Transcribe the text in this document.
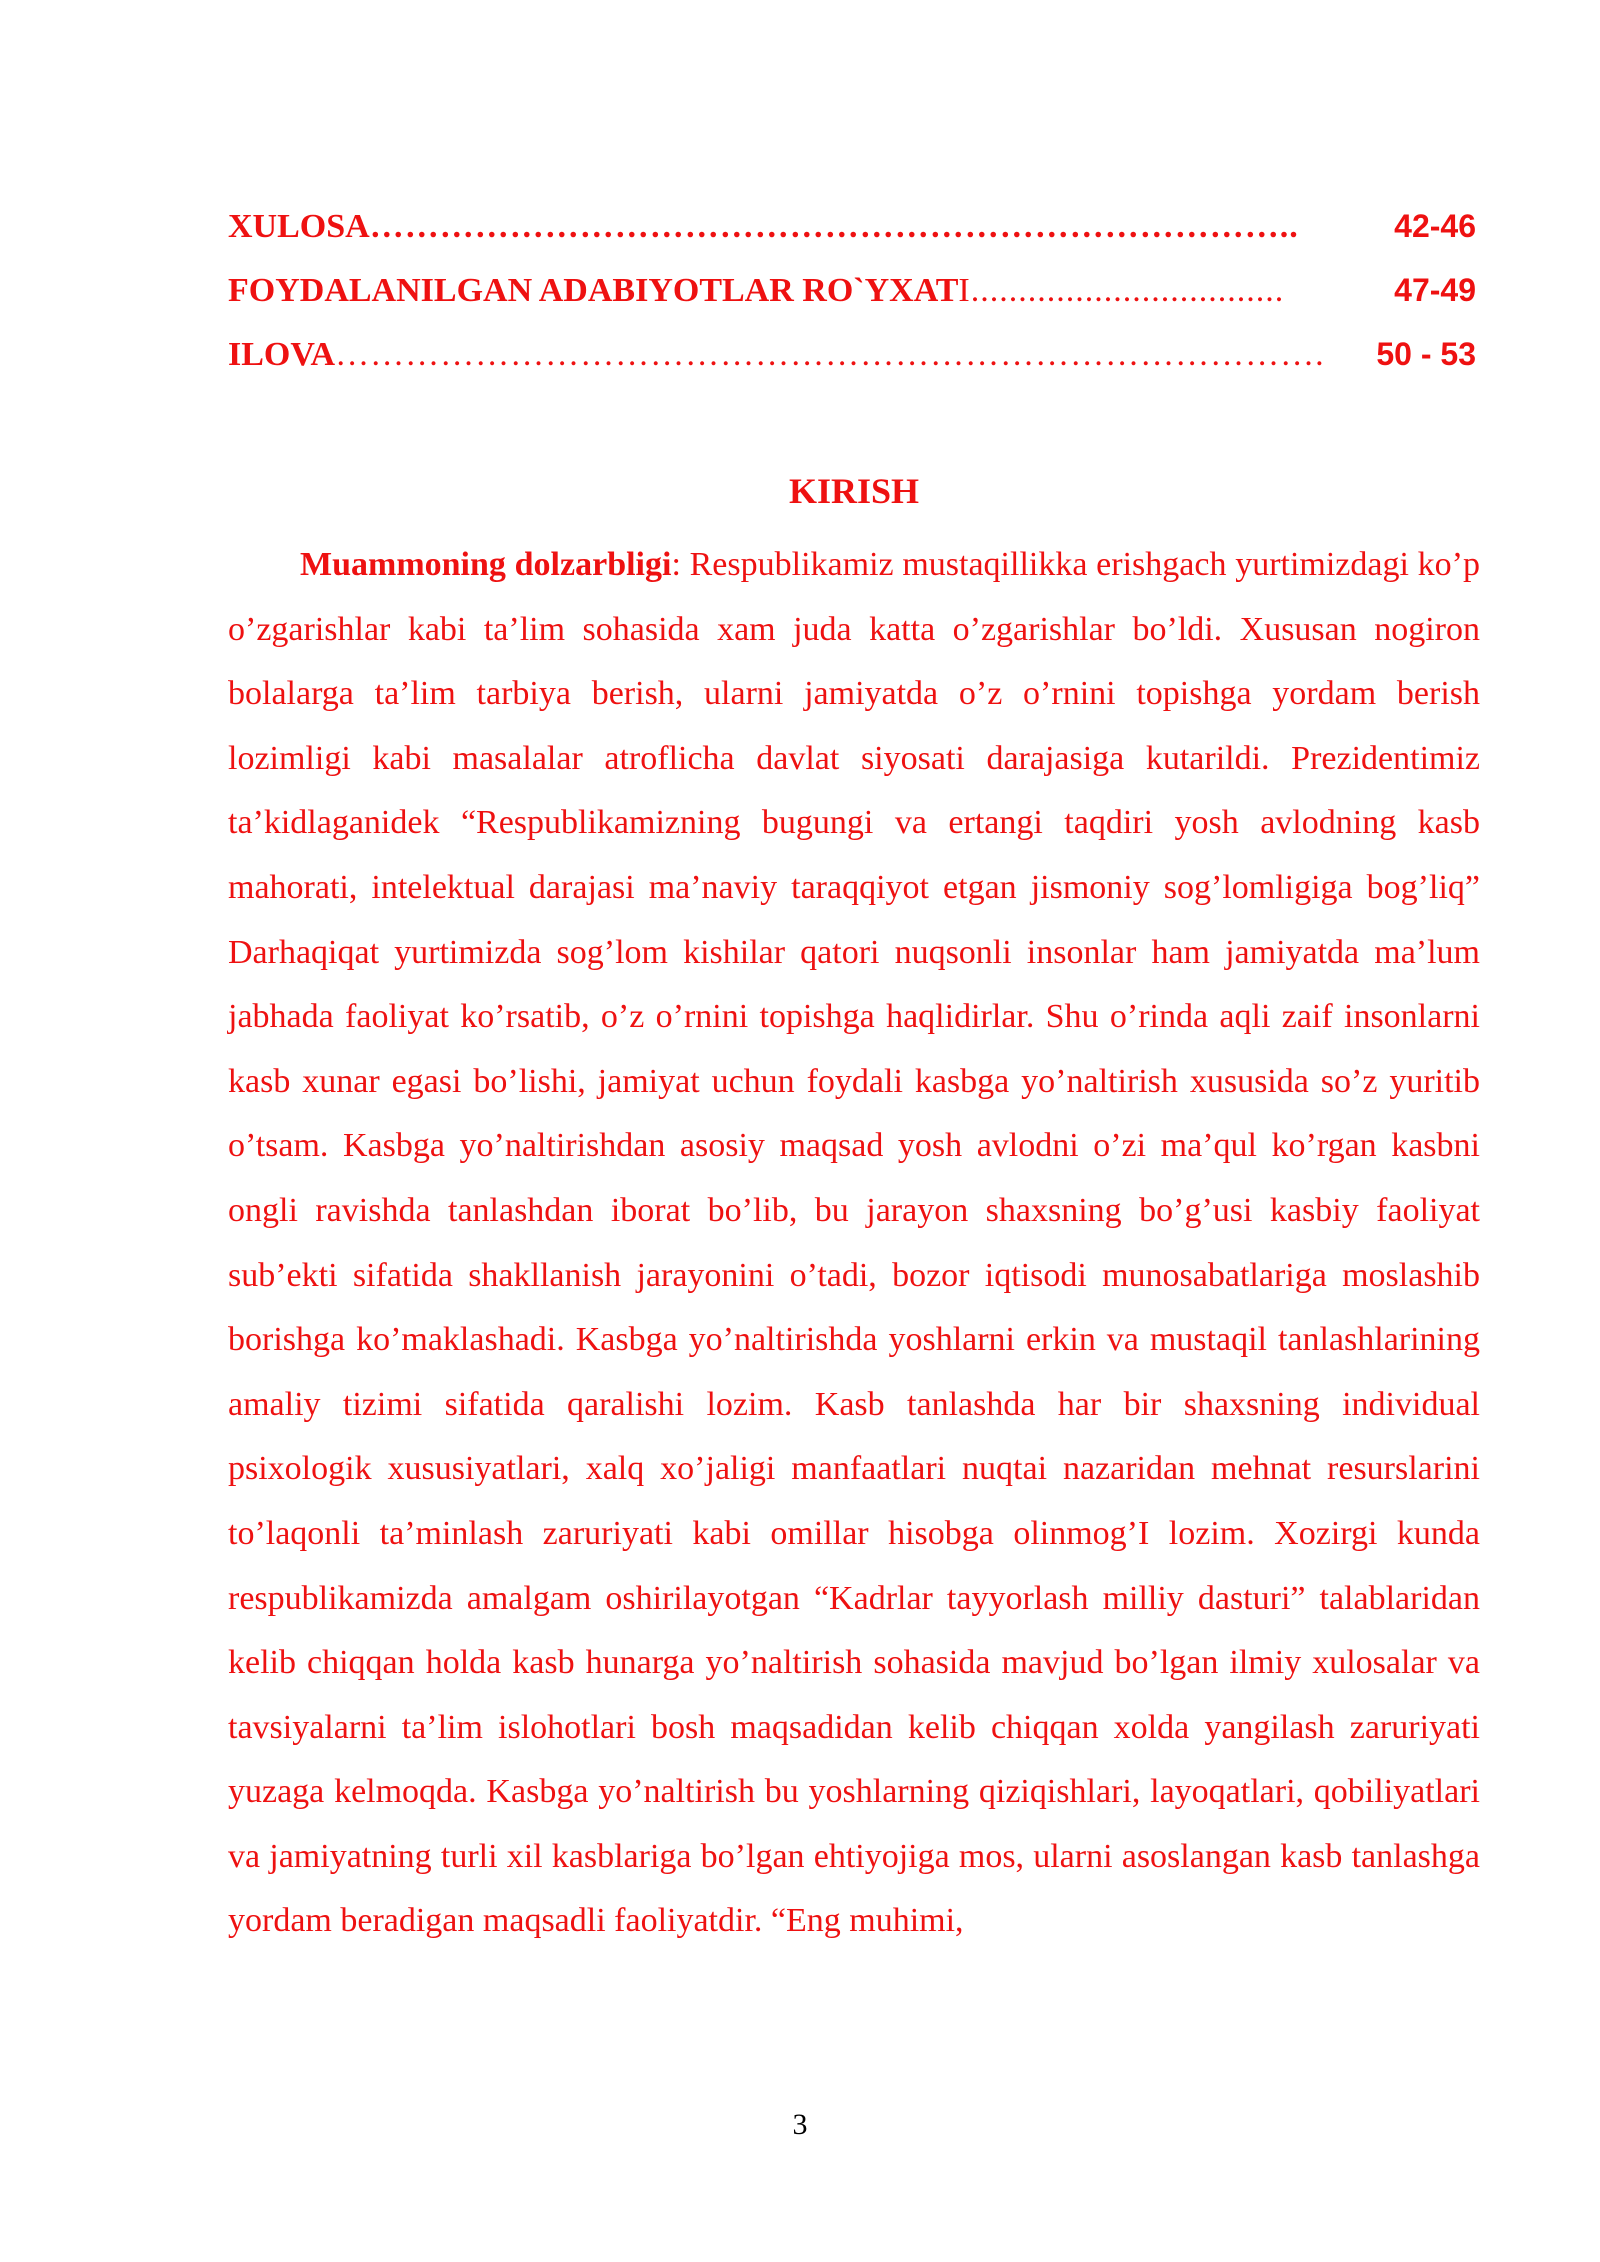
XULOSA ……………………………………………………………………..	42-46
FOYDALANILGAN ADABIYOTLAR RO`YXAT I.................................	47-49
ILOVA ………………………………………………………………………….	50 - 53
KIRISH

Muammoning dolzarbligi: Respublikamiz mustaqillikka erishgach yurtimizdagi ko’p o’zgarishlar kabi ta’lim sohasida xam juda katta o’zgarishlar bo’ldi. Xususan nogiron bolalarga ta’lim tarbiya berish, ularni jamiyatda o’z o’rnini topishga yordam berish lozimligi kabi masalalar atroflicha davlat siyosati darajasiga kutarildi. Prezidentimiz ta’kidlaganidek “Respublikamizning bugungi va ertangi taqdiri yosh avlodning kasb mahorati, intelektual darajasi ma’naviy taraqqiyot etgan jismoniy sog’lomligiga bog’liq” Darhaqiqat yurtimizda sog’lom kishilar qatori nuqsonli insonlar ham jamiyatda ma’lum jabhada faoliyat ko’rsatib, o’z o’rnini topishga haqlidirlar. Shu o’rinda aqli zaif insonlarni kasb xunar egasi bo’lishi, jamiyat uchun foydali kasbga yo’naltirish xususida so’z yuritib o’tsam. Kasbga yo’naltirishdan asosiy maqsad yosh avlodni o’zi ma’qul ko’rgan kasbni ongli ravishda tanlashdan iborat bo’lib, bu jarayon shaxsning bo’g’usi kasbiy faoliyat sub’ekti sifatida shakllanish jarayonini o’tadi, bozor iqtisodi munosabatlariga moslashib borishga ko’maklashadi. Kasbga yo’naltirishda yoshlarni erkin va mustaqil tanlashlarining amaliy tizimi sifatida qaralishi lozim. Kasb tanlashda har bir shaxsning individual psixologik xususiyatlari, xalq xo’jaligi manfaatlari nuqtai nazaridan mehnat resurslarini to’laqonli ta’minlash zaruriyati kabi omillar hisobga olinmog’I lozim. Xozirgi kunda respublikamizda amalgam oshirilayotgan “Kadrlar tayyorlash milliy dasturi” talablaridan kelib chiqqan holda kasb hunarga yo’naltirish sohasida mavjud bo’lgan ilmiy xulosalar va tavsiyalarni ta’lim islohotlari bosh maqsadidan kelib chiqqan xolda yangilash zaruriyati yuzaga kelmoqda. Kasbga yo’naltirish bu yoshlarning qiziqishlari, layoqatlari, qobiliyatlari va jamiyatning turli xil kasblariga bo’lgan ehtiyojiga mos, ularni asoslangan kasb tanlashga yordam beradigan maqsadli faoliyatdir. “Eng muhimi,

3
